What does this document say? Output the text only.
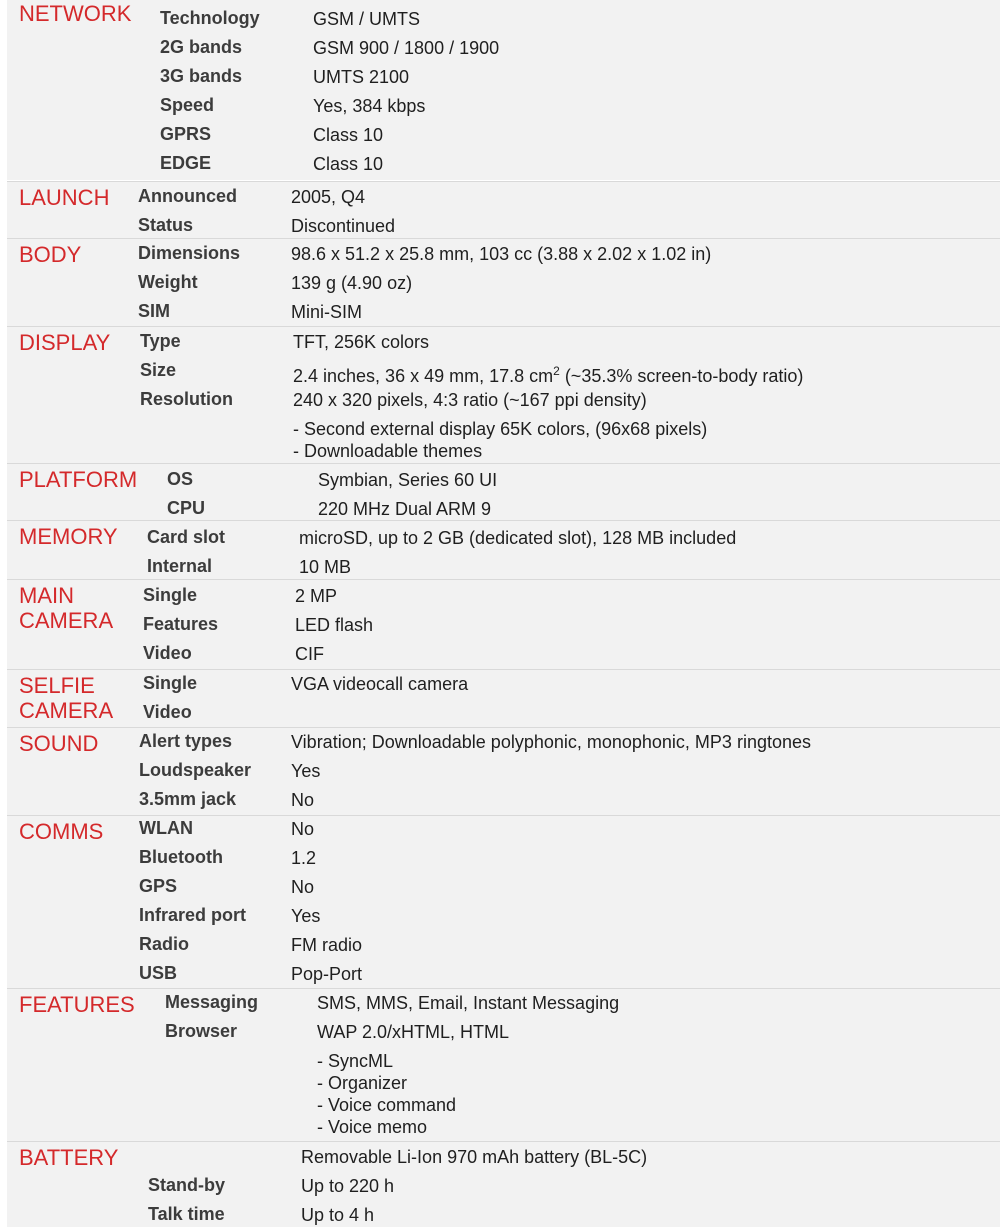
NETWORK Technology	GSM / UMTS
2G bands	GSM 900 / 1800 / 1900
3G bands	UMTS 2100
Speed	Yes, 384 kbps
GPRS	Class 10
EDGE	Class 10
LAUNCH Announced	2005, Q4
Status	Discontinued
BODY	Dimensions	98.6 x 51.2 x 25.8 mm, 103 cc (3.88 x 2.02 x 1.02 in)
Weight	139 g (4.90 oz)
SIM	Mini-SIM
DISPLAY Type	TFT, 256K colors
Size	2.4 inches, 36 x 49 mm, 17.8 $cm^2$ (~35.3% screen-to-body ratio)
Resolution	240 x 320 pixels, 4:3 ratio (~167 ppi density)
- Second external display 65K colors, (96x68 pixels)
- Downloadable themes
PLATFORM OS	Symbian, Series 60 UI
CPU	220 MHz Dual ARM 9
MEMORY Card slot	microSD, up to 2 GB (dedicated slot), 128 MB included
Internal	10 MB
MAIN
CAMERA
Single	2 MP
Features	LED flash
Video	CIF
SELFIE
CAMERA
Single	VGA videocall camera
Video
SOUND Alert types	Vibration; Downloadable polyphonic, monophonic, MP3 ringtones
Loudspeaker Yes
3.5mm jack	No
COMMS WLAN	No
Bluetooth	1.2
GPS	No
Infrared port Yes
Radio	FM radio
USB	Pop-Port
FEATURES Messaging	SMS, MMS, Email, Instant Messaging
Browser	WAP 2.0/xHTML, HTML
- SyncML
- Organizer
- Voice command
- Voice memo
BATTERY	Removable Li-Ion 970 mAh battery (BL-5C)
Stand-by	Up to 220 h
Talk time	Up to 4 h
